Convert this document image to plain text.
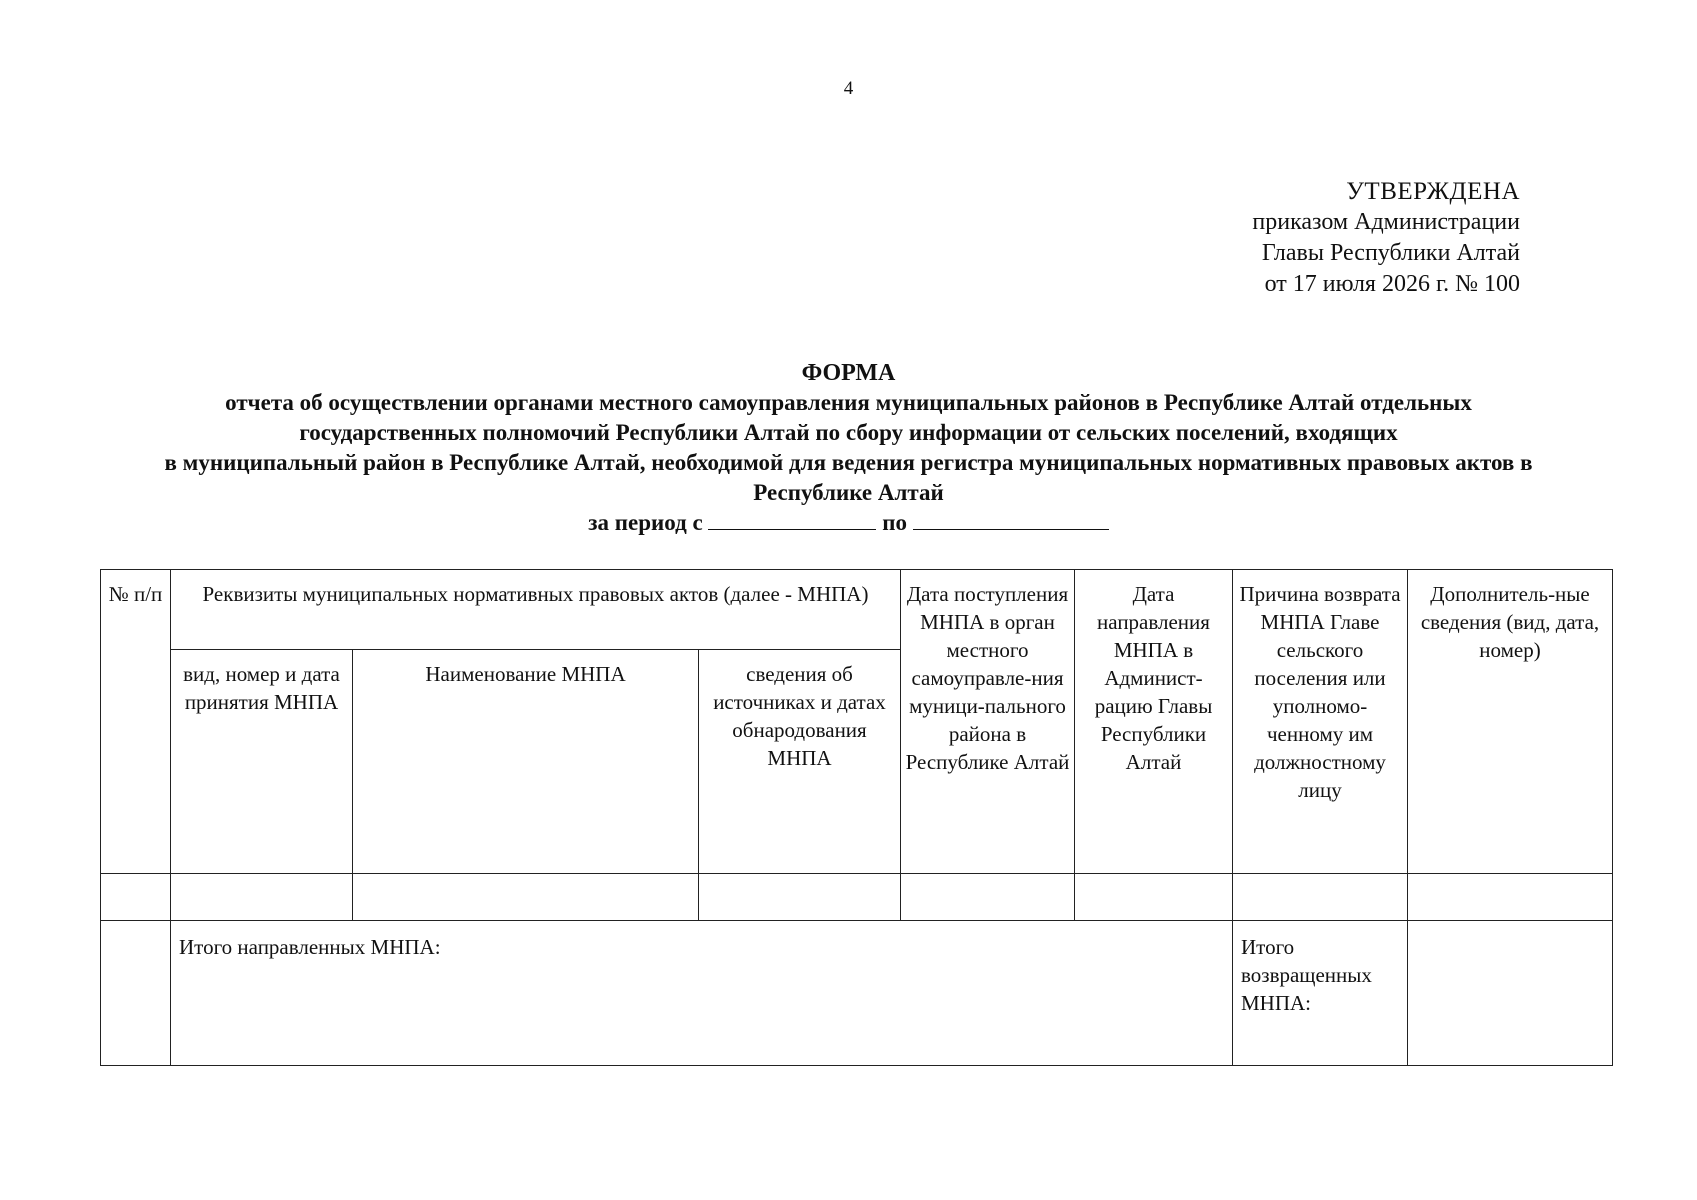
4
УТВЕРЖДЕНА
приказом Администрации
Главы Республики Алтай
от 17 июля 2026 г. № 100
ФОРМА
отчета об осуществлении органами местного самоуправления муниципальных районов в Республике Алтай отдельных
государственных полномочий Республики Алтай по сбору информации от сельских поселений, входящих
в муниципальный район в Республике Алтай, необходимой для ведения регистра муниципальных нормативных правовых актов в
Республике Алтай
за период с	по
№ п/п	Реквизиты муниципальных нормативных правовых актов (далее - МНПА)			Дата поступления МНПА в орган местного самоуправле-ния муници-пального района в Республике Алтай	Дата направления МНПА в Админист-рацию Главы Республики Алтай	Причина возврата МНПА Главе сельского поселения или уполномо-ченному им должностному лицу	Дополнитель-ные сведения (вид, дата, номер)
	вид, номер и дата принятия МНПА	Наименование МНПА	сведения об источниках и датах обнародования МНПА				

	Итого направленных МНПА:					Итого возвращенных МНПА:	
